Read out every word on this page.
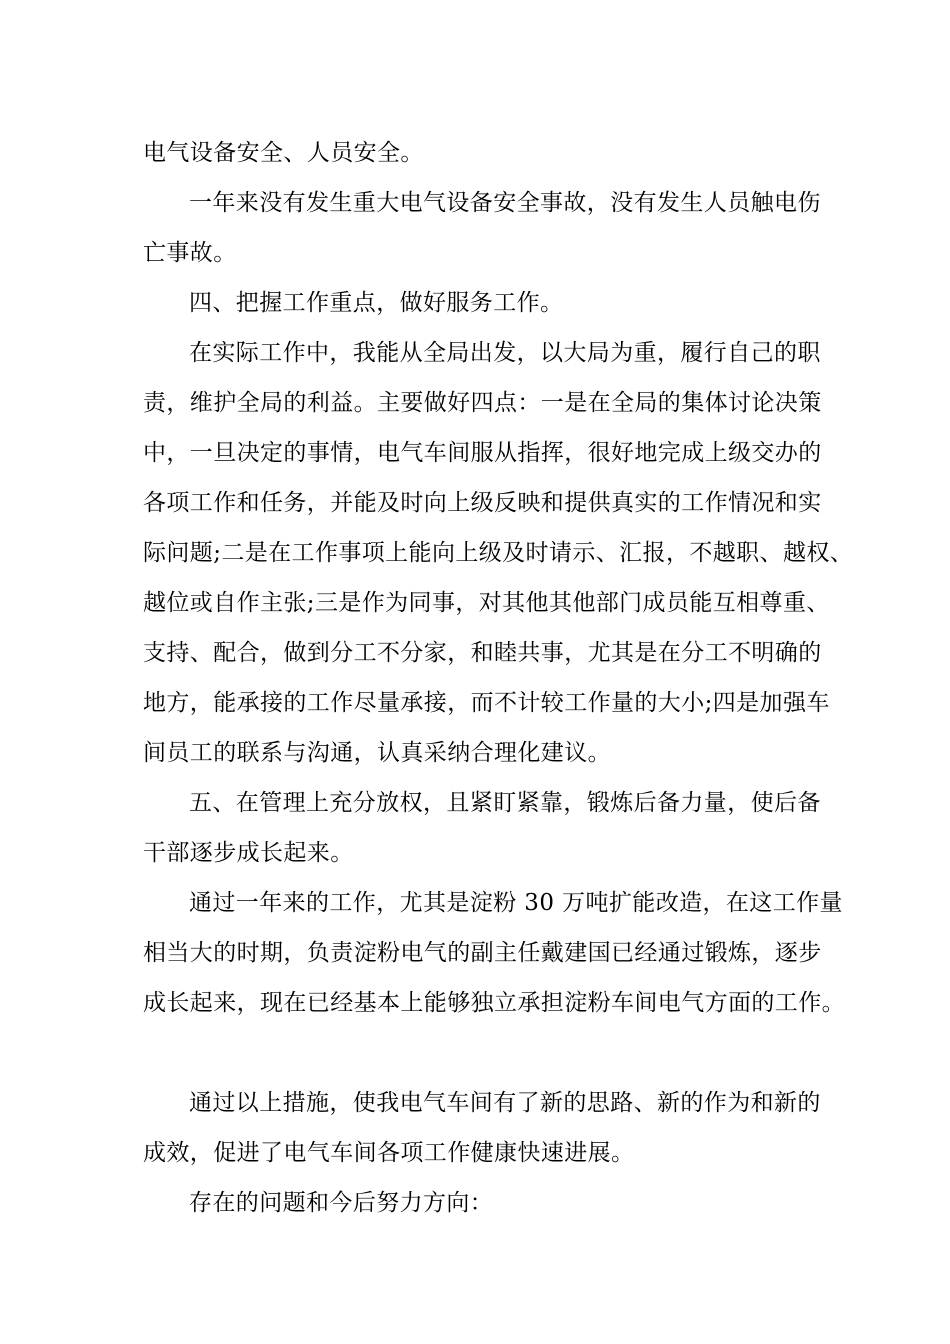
电气设备安全、人员安全。

一年来没有发生重大电气设备安全事故，没有发生人员触电伤

亡事故。

四、把握工作重点，做好服务工作。

在实际工作中，我能从全局出发，以大局为重，履行自己的职

责，维护全局的利益。主要做好四点：一是在全局的集体讨论决策

中，一旦决定的事情，电气车间服从指挥，很好地完成上级交办的

各项工作和任务，并能及时向上级反映和提供真实的工作情况和实

际问题;二是在工作事项上能向上级及时请示、汇报，不越职、越权、

越位或自作主张;三是作为同事，对其他其他部门成员能互相尊重、

支持、配合，做到分工不分家，和睦共事，尤其是在分工不明确的

地方，能承接的工作尽量承接，而不计较工作量的大小;四是加强车

间员工的联系与沟通，认真采纳合理化建议。

五、在管理上充分放权，且紧盯紧靠，锻炼后备力量，使后备

干部逐步成长起来。

通过一年来的工作，尤其是淀粉 30 万吨扩能改造，在这工作量

相当大的时期，负责淀粉电气的副主任戴建国已经通过锻炼，逐步

成长起来，现在已经基本上能够独立承担淀粉车间电气方面的工作。

通过以上措施，使我电气车间有了新的思路、新的作为和新的

成效，促进了电气车间各项工作健康快速进展。

存在的问题和今后努力方向：
